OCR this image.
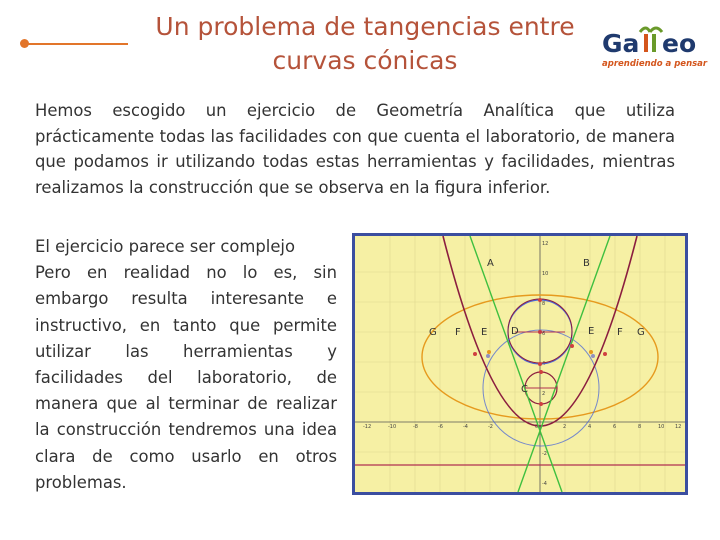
Un problema de tangencias entre
curvas cónicas
Ga eo
aprendiendo a pensar
Hemos escogido un ejercicio de Geometría Analítica que utiliza prácticamente todas las facilidades con que cuenta el laboratorio, de manera que podamos ir utilizando todas estas herramientas y facilidades, mientras realizamos la construcción que se observa en la figura inferior.
El ejercicio parece ser complejo
Pero en realidad no lo es, sin embargo resulta interesante e instructivo, en tanto que permite utilizar las herramientas y facilidades del laboratorio, de manera que al terminar de realizar la construcción tendremos una idea clara de como usarlo en otros problemas.
-12	-10	-8	-6	-4	-2	0	2	4	6	8	10 12
12
10
8
6
4
2
-2
-4
A	B
G F E D	E F G
C
